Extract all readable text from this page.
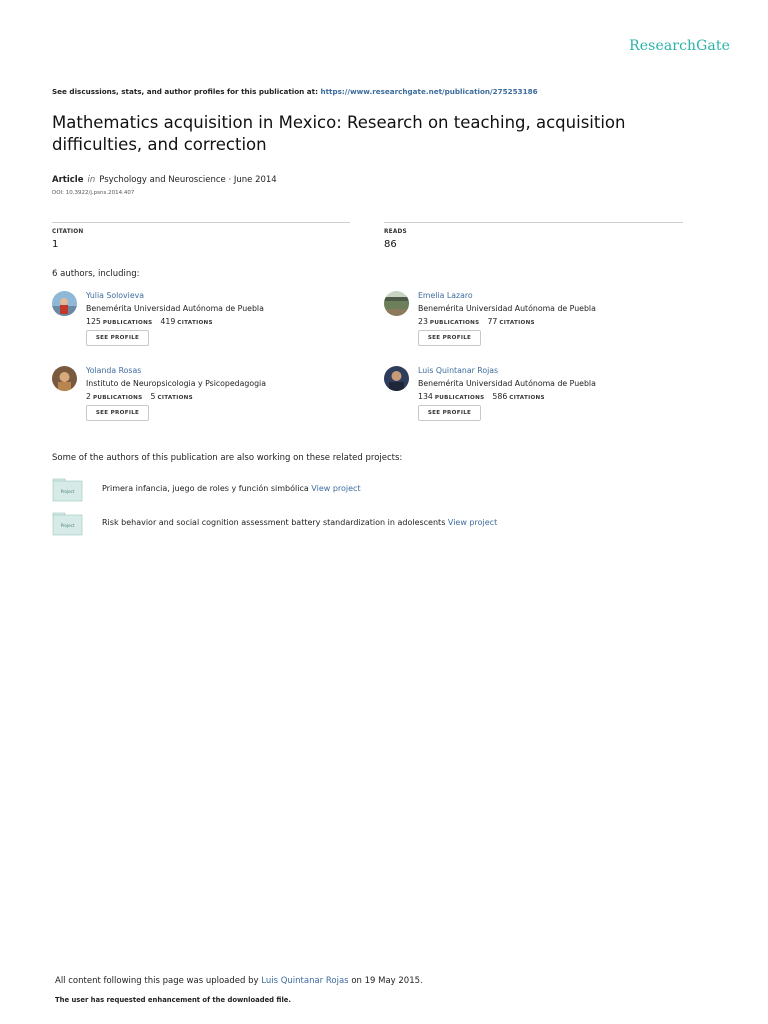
ResearchGate
See discussions, stats, and author profiles for this publication at: https://www.researchgate.net/publication/275253186
Mathematics acquisition in Mexico: Research on teaching, acquisition difficulties, and correction
Article in Psychology and Neuroscience · June 2014
DOI: 10.3922/j.psns.2014.407
CITATION
1
READS
86
6 authors, including:
Yulia Solovieva
Benemérita Universidad Autónoma de Puebla
125 PUBLICATIONS 419 CITATIONS
SEE PROFILE
Emelia Lazaro
Benemérita Universidad Autónoma de Puebla
23 PUBLICATIONS 77 CITATIONS
SEE PROFILE
Yolanda Rosas
Instituto de Neuropsicologia y Psicopedagogia
2 PUBLICATIONS 5 CITATIONS
SEE PROFILE
Luis Quintanar Rojas
Benemérita Universidad Autónoma de Puebla
134 PUBLICATIONS 586 CITATIONS
SEE PROFILE
Some of the authors of this publication are also working on these related projects:
Project	Primera infancia, juego de roles y función simbólica View project
Project	Risk behavior and social cognition assessment battery standardization in adolescents View project
All content following this page was uploaded by Luis Quintanar Rojas on 19 May 2015.
The user has requested enhancement of the downloaded file.
